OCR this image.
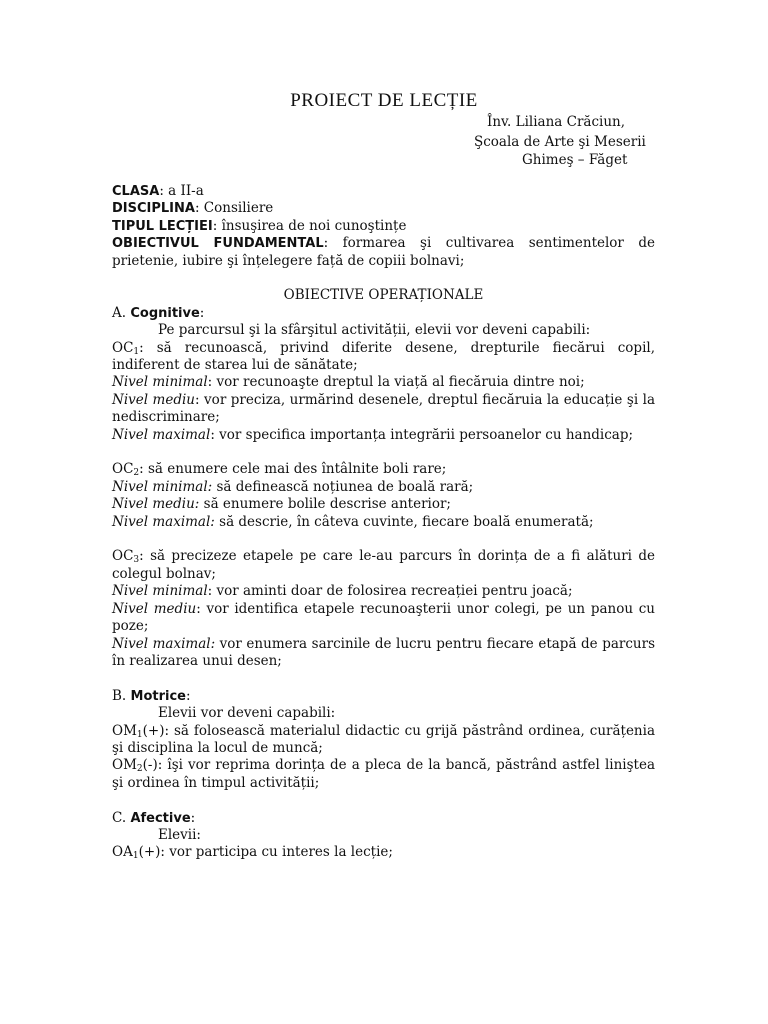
PROIECT DE LECȚIE
Înv. Liliana Crăciun,
Şcoala de Arte şi Meserii
Ghimeş – Făget

CLASA: a II-a

DISCIPLINA: Consiliere

TIPUL LECȚIEI: însuşirea de noi cunoştințe

OBIECTIVUL FUNDAMENTAL: formarea şi cultivarea sentimentelor de prietenie, iubire şi înțelegere față de copiii bolnavi;

OBIECTIVE OPERAȚIONALE

A. Cognitive:

Pe parcursul şi la sfârşitul activității, elevii vor deveni capabili:

$OC_1$: să recunoască, privind diferite desene, drepturile fiecărui copil, indiferent de starea lui de sănătate;

Nivel minimal: vor recunoaşte dreptul la viață al fiecăruia dintre noi;

Nivel mediu: vor preciza, urmărind desenele, dreptul fiecăruia la educație şi la nediscriminare;

Nivel maximal: vor specifica importanța integrării persoanelor cu handicap;

$OC_2$: să enumere cele mai des întâlnite boli rare;

Nivel minimal: să definească noțiunea de boală rară;

Nivel mediu: să enumere bolile descrise anterior;

Nivel maximal: să descrie, în câteva cuvinte, fiecare boală enumerată;

$OC_3$: să precizeze etapele pe care le-au parcurs în dorința de a fi alături de colegul bolnav;

Nivel minimal: vor aminti doar de folosirea recreației pentru joacă;

Nivel mediu: vor identifica etapele recunoaşterii unor colegi, pe un panou cu poze;

Nivel maximal: vor enumera sarcinile de lucru pentru fiecare etapă de parcurs în realizarea unui desen;

B. Motrice:

Elevii vor deveni capabili:

$OM_1(+)$: să folosească materialul didactic cu grijă păstrând ordinea, curățenia şi disciplina la locul de muncă;

$OM_2(-)$: îşi vor reprima dorința de a pleca de la bancă, păstrând astfel liniştea şi ordinea în timpul activității;

C. Afective:

Elevii:

$OA_1(+)$: vor participa cu interes la lecție;
